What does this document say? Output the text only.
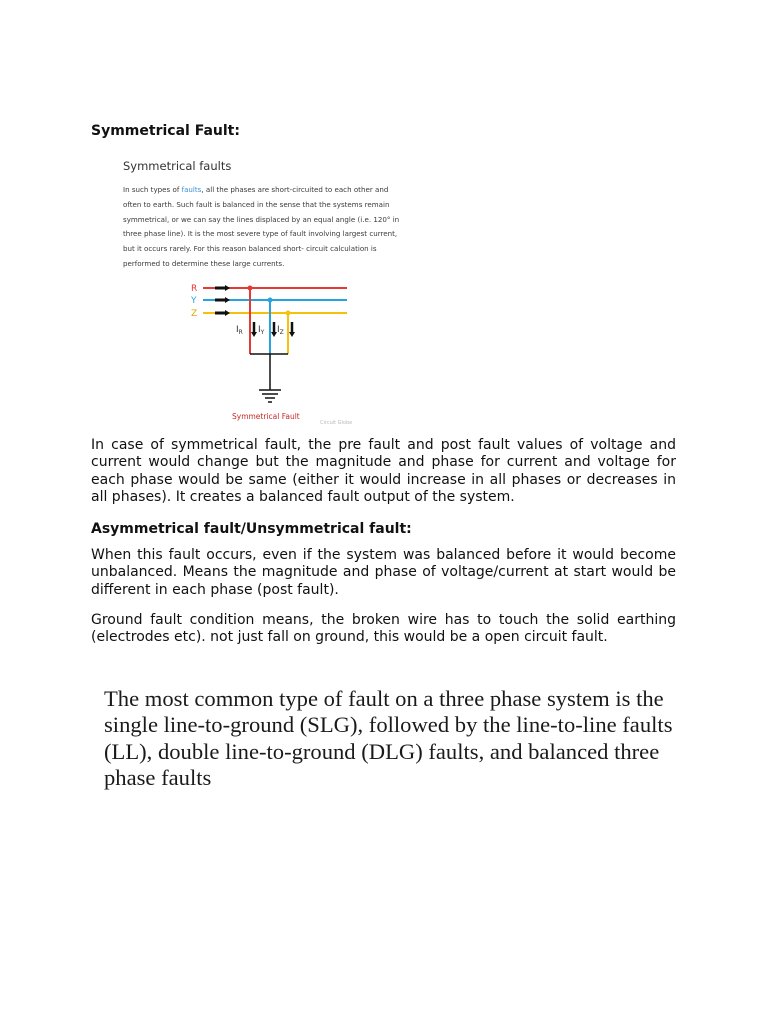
Symmetrical Fault:
Symmetrical faults

In such types of faults, all the phases are short-circuited to each other and often to earth. Such fault is balanced in the sense that the systems remain symmetrical, or we can say the lines displaced by an equal angle (i.e. 120° in three phase line). It is the most severe type of fault involving largest current, but it occurs rarely. For this reason balanced short- circuit calculation is performed to determine these large currents.

R
Y
Z
$I_R$ $I_Y$ $I_Z$
Symmetrical Fault
Circuit Globe

In case of symmetrical fault, the pre fault and post fault values of voltage and current would change but the magnitude and phase for current and voltage for each phase would be same (either it would increase in all phases or decreases in all phases). It creates a balanced fault output of the system.

Asymmetrical fault/Unsymmetrical fault:

When this fault occurs, even if the system was balanced before it would become unbalanced. Means the magnitude and phase of voltage/current at start would be different in each phase (post fault).

Ground fault condition means, the broken wire has to touch the solid earthing (electrodes etc). not just fall on ground, this would be a open circuit fault.

The most common type of fault on a three phase system is the single line-to-ground (SLG), followed by the line-to-line faults (LL), double line-to-ground (DLG) faults, and balanced three phase faults
